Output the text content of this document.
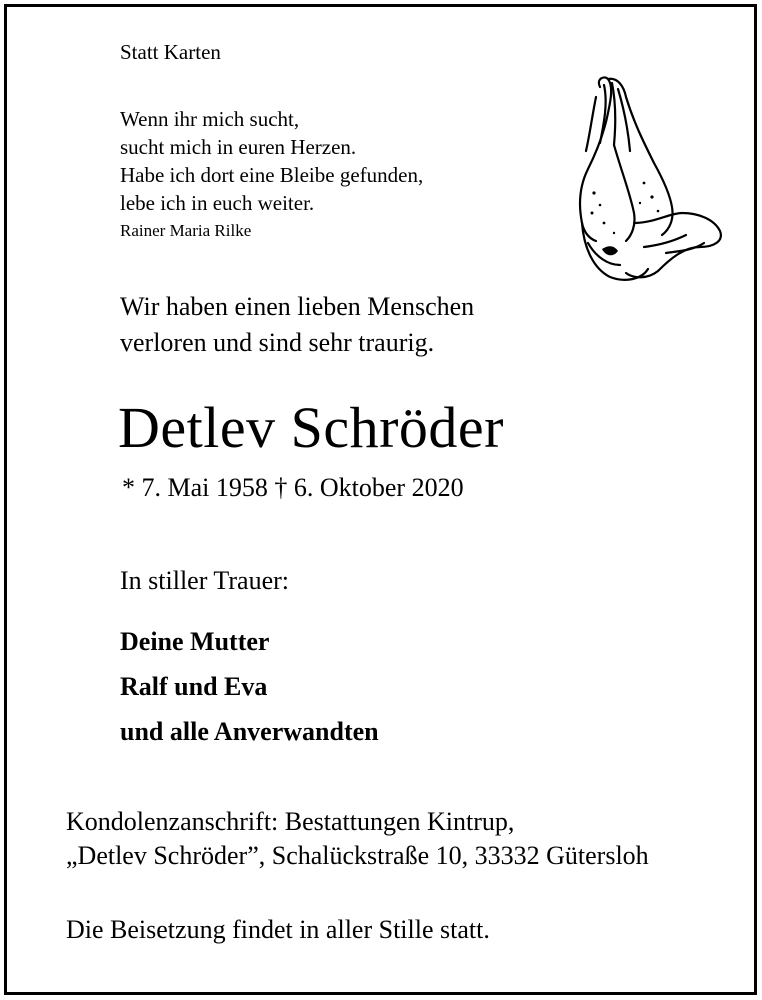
Statt Karten

Wenn ihr mich sucht,

sucht mich in euren Herzen.

Habe ich dort eine Bleibe gefunden,

lebe ich in euch weiter.

Rainer Maria Rilke

Wir haben einen lieben Menschen

verloren und sind sehr traurig.

Detlev Schröder

* 7. Mai 1958 † 6. Oktober 2020

In stiller Trauer:

Deine Mutter

Ralf und Eva

und alle Anverwandten

Kondolenzanschrift: Bestattungen Kintrup,

„Detlev Schröder”, Schalückstraße 10, 33332 Gütersloh

Die Beisetzung findet in aller Stille statt.
